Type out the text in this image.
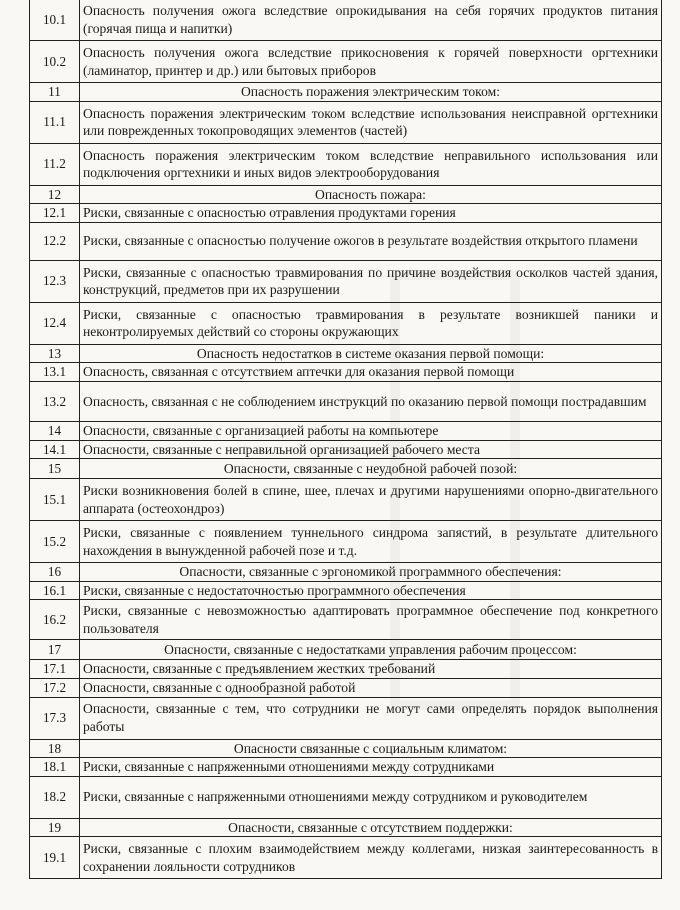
10.1	Опасность получения ожога вследствие опрокидывания на себя горячих продуктов питания (горячая пища и напитки)
10.2	Опасность получения ожога вследствие прикосновения к горячей поверхности оргтехники (ламинатор, принтер и др.) или бытовых приборов
11	Опасность поражения электрическим током:
11.1	Опасность поражения электрическим током вследствие использования неисправной оргтехники или поврежденных токопроводящих элементов (частей)
11.2	Опасность поражения электрическим током вследствие неправильного использования или подключения оргтехники и иных видов электрооборудования
12	Опасность пожара:
12.1	Риски, связанные с опасностью отравления продуктами горения
12.2	Риски, связанные с опасностью получение ожогов в результате воздействия открытого пламени
12.3	Риски, связанные с опасностью травмирования по причине воздействия осколков частей здания, конструкций, предметов при их разрушении
12.4	Риски, связанные с опасностью травмирования в результате возникшей паники и неконтролируемых действий со стороны окружающих
13	Опасность недостатков в системе оказания первой помощи:
13.1	Опасность, связанная с отсутствием аптечки для оказания первой помощи
13.2	Опасность, связанная с не соблюдением инструкций по оказанию первой помощи пострадавшим
14	Опасности, связанные с организацией работы на компьютере
14.1	Опасности, связанные с неправильной организацией рабочего места
15	Опасности, связанные с неудобной рабочей позой:
15.1	Риски возникновения болей в спине, шее, плечах и другими нарушениями опорно-двигательного аппарата (остеохондроз)
15.2	Риски, связанные с появлением туннельного синдрома запястий, в результате длительного нахождения в вынужденной рабочей позе и т.д.
16	Опасности, связанные с эргономикой программного обеспечения:
16.1	Риски, связанные с недостаточностью программного обеспечения
16.2	Риски, связанные с невозможностью адаптировать программное обеспечение под конкретного пользователя
17	Опасности, связанные с недостатками управления рабочим процессом:
17.1	Опасности, связанные с предъявлением жестких требований
17.2	Опасности, связанные с однообразной работой
17.3	Опасности, связанные с тем, что сотрудники не могут сами определять порядок выполнения работы
18	Опасности связанные с социальным климатом:
18.1	Риски, связанные с напряженными отношениями между сотрудниками
18.2	Риски, связанные с напряженными отношениями между сотрудником и руководителем
19	Опасности, связанные с отсутствием поддержки:
19.1	Риски, связанные с плохим взаимодействием между коллегами, низкая заинтересованность в сохранении лояльности сотрудников
